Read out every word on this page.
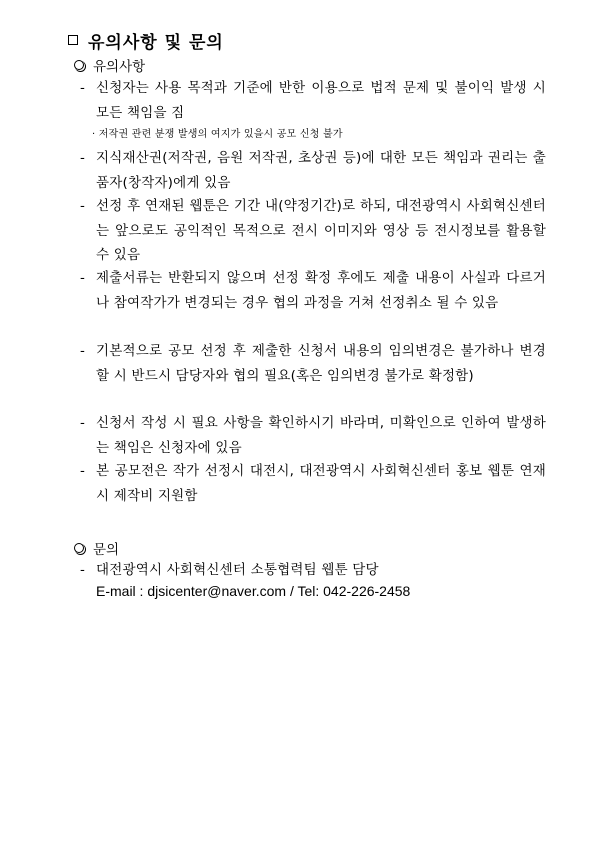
유의사항 및 문의
유의사항
- 신청자는 사용 목적과 기준에 반한 이용으로 법적 문제 및 불이익 발생 시 모든 책임을 짐
· 저작권 관련 분쟁 발생의 여지가 있을시 공모 신청 불가
- 지식재산권(저작권, 음원 저작권, 초상권 등)에 대한 모든 책임과 권리는 출품자(창작자)에게 있음
- 선정 후 연재된 웹툰은 기간 내(약정기간)로 하되, 대전광역시 사회혁신센터는 앞으로도 공익적인 목적으로 전시 이미지와 영상 등 전시정보를 활용할 수 있음
- 제출서류는 반환되지 않으며 선정 확정 후에도 제출 내용이 사실과 다르거나 참여작가가 변경되는 경우 협의 과정을 거쳐 선정취소 될 수 있음
- 기본적으로 공모 선정 후 제출한 신청서 내용의 임의변경은 불가하나 변경할 시 반드시 담당자와 협의 필요(혹은 임의변경 불가로 확정함)
- 신청서 작성 시 필요 사항을 확인하시기 바라며, 미확인으로 인하여 발생하는 책임은 신청자에 있음
- 본 공모전은 작가 선정시 대전시, 대전광역시 사회혁신센터 홍보 웹툰 연재시 제작비 지원함
문의
- 대전광역시 사회혁신센터 소통협력팀 웹툰 담당
E-mail : djsicenter@naver.com / Tel: 042-226-2458
